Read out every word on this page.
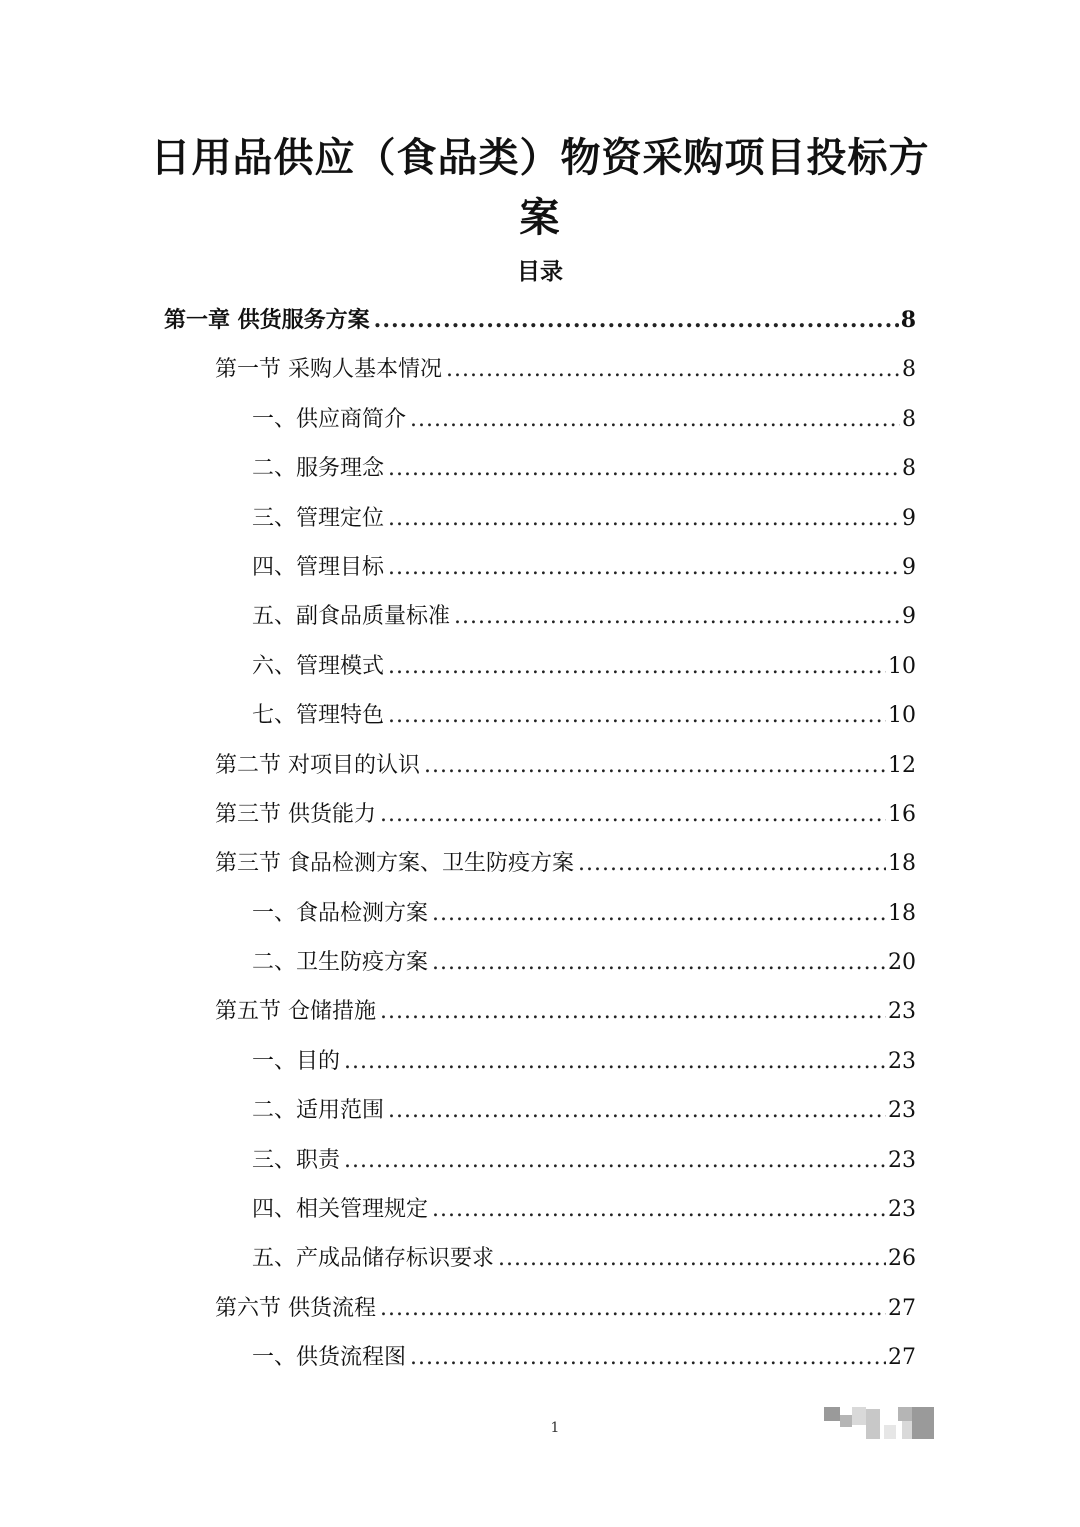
日用品供应（食品类）物资采购项目投标方案
目录
第一章 供货服务方案 .....	8
第一节 采购人基本情况 .....	8
一、供应商简介 .....	8
二、服务理念 .....	8
三、管理定位 .....	9
四、管理目标 .....	9
五、副食品质量标准 .....	9
六、管理模式 .....	10
七、管理特色 .....	10
第二节 对项目的认识 .....	12
第三节 供货能力 .....	16
第三节 食品检测方案、卫生防疫方案 .....	18
一、食品检测方案 .....	18
二、卫生防疫方案 .....	20
第五节 仓储措施 .....	23
一、目的 .....	23
二、适用范围 .....	23
三、职责 .....	23
四、相关管理规定 .....	23
五、产成品储存标识要求 .....	26
第六节 供货流程 .....	27
一、供货流程图 .....	27
1
